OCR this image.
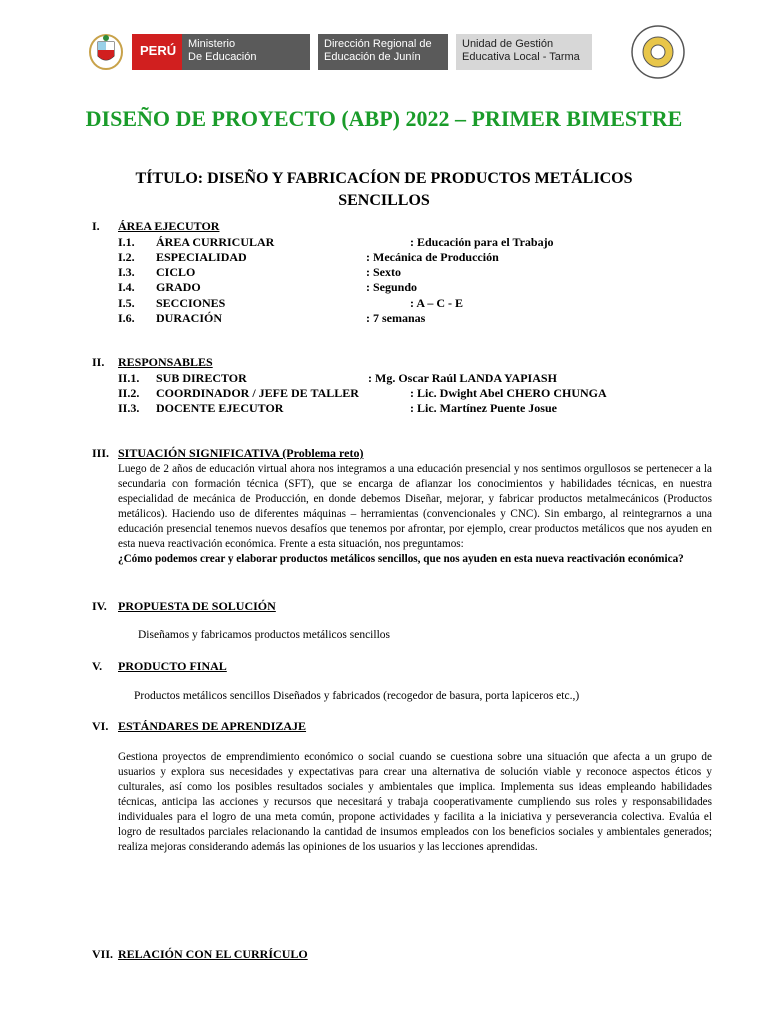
PERÚ Ministerio
De Educación
Dirección Regional de
Educación de Junín
Unidad de Gestión
Educativa Local - Tarma
DISEÑO DE PROYECTO (ABP) 2022 – PRIMER BIMESTRE
TÍTULO: DISEÑO Y FABRICACÍON DE PRODUCTOS METÁLICOS SENCILLOS
I. ÁREA EJECUTOR
I.1. ÁREA CURRICULAR	: Educación para el Trabajo
I.2. ESPECIALIDAD	: Mecánica de Producción
I.3. CICLO	: Sexto
I.4. GRADO	: Segundo
I.5. SECCIONES	: A – C - E
I.6. DURACIÓN	: 7 semanas
II. RESPONSABLES
II.1. SUB DIRECTOR	: Mg. Oscar Raúl LANDA YAPIASH
II.2. COORDINADOR / JEFE DE TALLER	: Lic. Dwight Abel CHERO CHUNGA
II.3. DOCENTE EJECUTOR	: Lic. Martínez Puente Josue
III. SITUACIÓN SIGNIFICATIVA (Problema reto)
Luego de 2 años de educación virtual ahora nos integramos a una educación presencial y nos sentimos orgullosos se pertenecer a la secundaria con formación técnica (SFT), que se encarga de afianzar los conocimientos y habilidades técnicas, en nuestra especialidad de mecánica de Producción, en donde debemos Diseñar, mejorar, y fabricar productos metalmecánicos (Productos metálicos). Haciendo uso de diferentes máquinas – herramientas (convencionales y CNC). Sin embargo, al reintegrarnos a una educación presencial tenemos nuevos desafíos que tenemos por afrontar, por ejemplo, crear productos metálicos que nos ayuden en esta nueva reactivación económica. Frente a esta situación, nos preguntamos:
¿Cómo podemos crear y elaborar productos metálicos sencillos, que nos ayuden en esta nueva reactivación económica?
IV. PROPUESTA DE SOLUCIÓN
Diseñamos y fabricamos productos metálicos sencillos
V. PRODUCTO FINAL
Productos metálicos sencillos Diseñados y fabricados (recogedor de basura, porta lapiceros etc.,)
VI. ESTÁNDARES DE APRENDIZAJE
Gestiona proyectos de emprendimiento económico o social cuando se cuestiona sobre una situación que afecta a un grupo de usuarios y explora sus necesidades y expectativas para crear una alternativa de solución viable y reconoce aspectos éticos y culturales, así como los posibles resultados sociales y ambientales que implica. Implementa sus ideas empleando habilidades técnicas, anticipa las acciones y recursos que necesitará y trabaja cooperativamente cumpliendo sus roles y responsabilidades individuales para el logro de una meta común, propone actividades y facilita a la iniciativa y perseverancia colectiva. Evalúa el logro de resultados parciales relacionando la cantidad de insumos empleados con los beneficios sociales y ambientales generados; realiza mejoras considerando además las opiniones de los usuarios y las lecciones aprendidas.
VII. RELACIÓN CON EL CURRÍCULO
